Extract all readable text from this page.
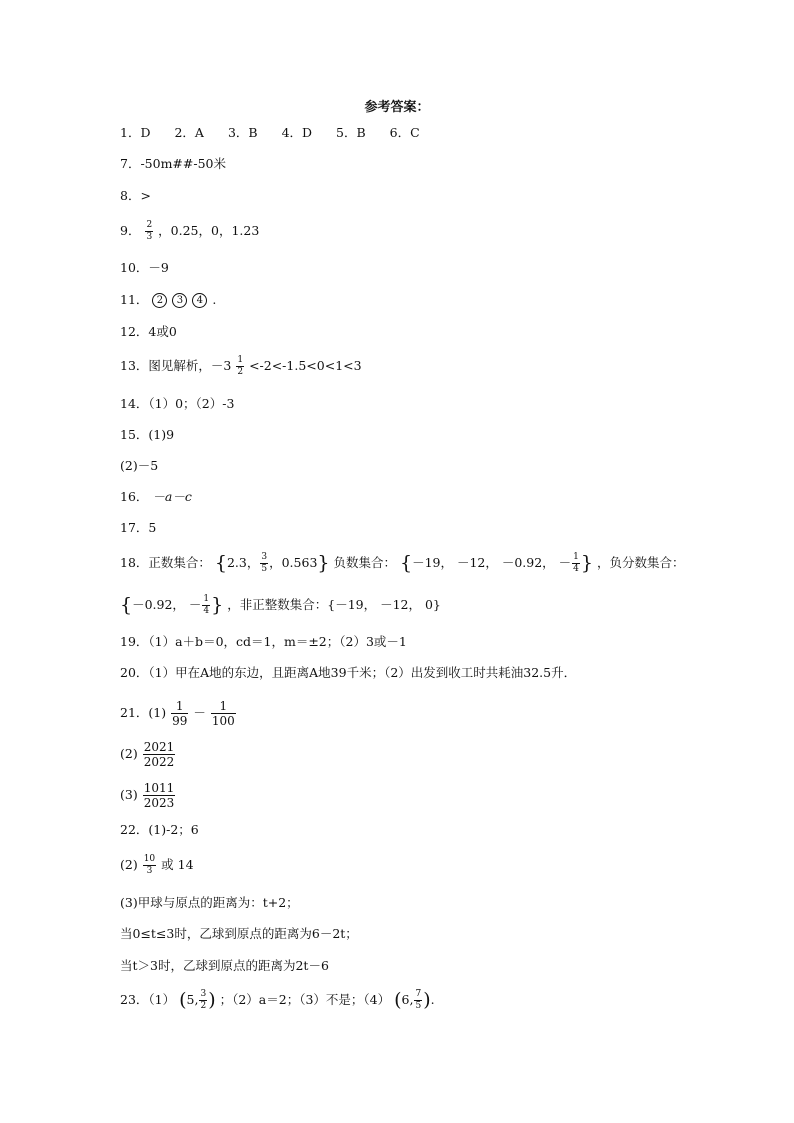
参考答案：
1．D 2．A 3．B 4．D 5．B 6．C
7．-50m##-50米
8．>
9． $\frac{2}{3}$ ，0.25，0，1.23
10．－9
11． 2 3 4 .
12．4或0
13．图见解析，$-3 \frac{1}{2} <-2<-1.5<0<1<3$
14．（1）0；（2）-3
15．(1)9
(2)－5
16． －a－c
17．5
18．正数集合： {2.3， $\frac{3}{5}$ ，0.563} 负数集合： {－19， －12， －0.92， － $\frac{1}{4}$ } ，负分数集合：
{－0.92， － $\frac{1}{4}$ } ，非正整数集合：{－19， －12， 0}
19．（1）a＋b＝0，cd＝1，m＝±2；（2）3或－1
20．（1）甲在A地的东边，且距离A地39千米；（2）出发到收工时共耗油32.5升．
21．$(1) \frac{1}{99} - \frac{1}{100}$
$(2) \frac{2021}{2022}$
$(3) \frac{1011}{2023}$
22．(1)-2；6
$(2) \frac{10}{3}$ 或 14
(3)甲球与原点的距离为：t+2；
当0≤t≤3时，乙球到原点的距离为6－2t；
当t＞3时，乙球到原点的距离为2t－6
23．（1） (5, $\frac{3}{2}$ ) ；（2）a＝2；（3）不是；（4） (6, $\frac{7}{5}$ ).
